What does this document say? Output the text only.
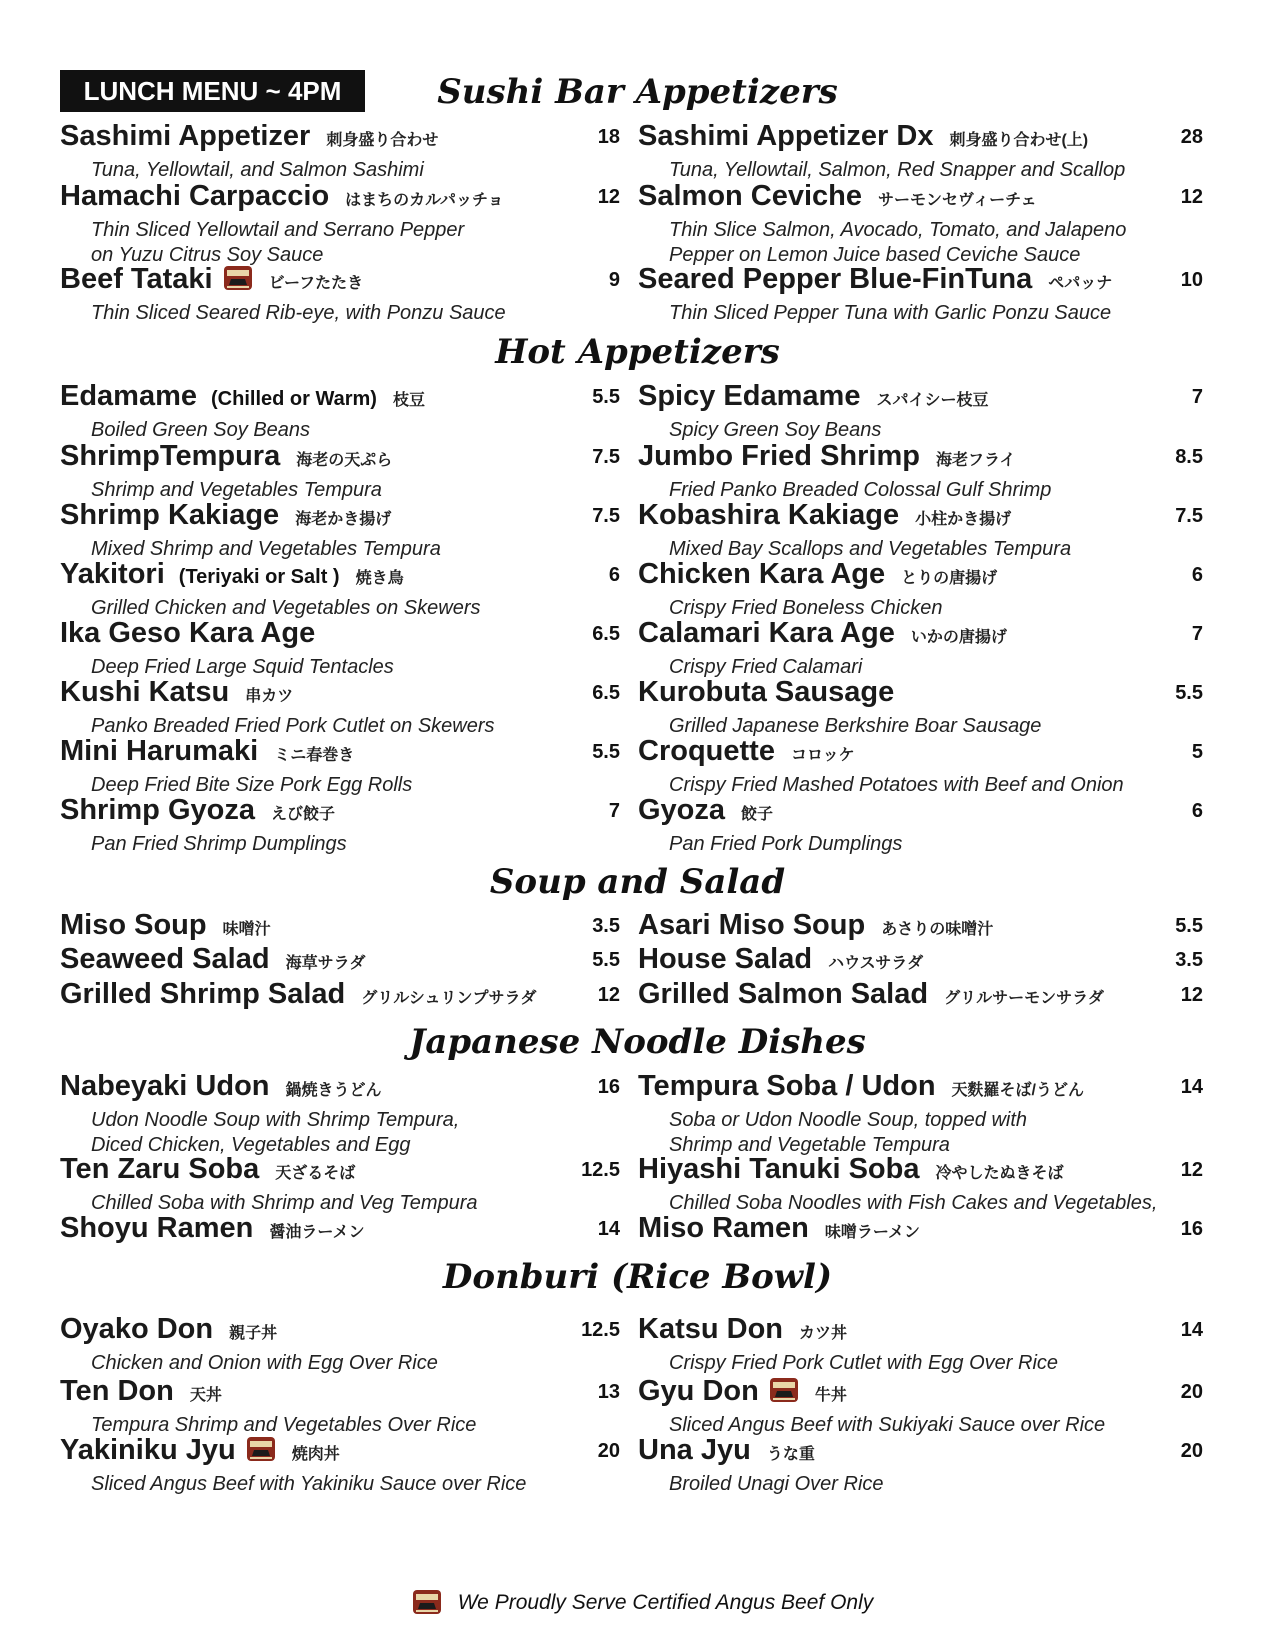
LUNCH MENU ~ 4PM	Sushi Bar Appetizers
Hot Appetizers
Soup and Salad
Japanese Noodle Dishes
Donburi (Rice Bowl)
Sashimi Appetizer 刺身盛り合わせ	18
Tuna, Yellowtail, and Salmon Sashimi
Hamachi Carpaccio はまちのカルパッチョ	12
Thin Sliced Yellowtail and Serrano Pepper
on Yuzu Citrus Soy Sauce
Beef Tataki	ビーフたたき	9
Thin Sliced Seared Rib-eye, with Ponzu Sauce
Sashimi Appetizer Dx 刺身盛り合わせ(上)	28
Tuna, Yellowtail, Salmon, Red Snapper and Scallop
Salmon Ceviche サーモンセヴィーチェ	12
Thin Slice Salmon, Avocado, Tomato, and Jalapeno
Pepper on Lemon Juice based Ceviche Sauce
Seared Pepper Blue-FinTuna ペパッナ	10
Thin Sliced Pepper Tuna with Garlic Ponzu Sauce
Edamame (Chilled or Warm) 枝豆	5.5
Boiled Green Soy Beans
ShrimpTempura 海老の天ぷら	7.5
Shrimp and Vegetables Tempura
Shrimp Kakiage 海老かき揚げ	7.5
Mixed Shrimp and Vegetables Tempura
Yakitori (Teriyaki or Salt ) 焼き鳥	6
Grilled Chicken and Vegetables on Skewers
Ika Geso Kara Age	6.5
Deep Fried Large Squid Tentacles
Kushi Katsu 串カツ	6.5
Panko Breaded Fried Pork Cutlet on Skewers
Mini Harumaki ミニ春巻き	5.5
Deep Fried Bite Size Pork Egg Rolls
Shrimp Gyoza えび餃子	7
Pan Fried Shrimp Dumplings
Spicy Edamame スパイシー枝豆	7
Spicy Green Soy Beans
Jumbo Fried Shrimp 海老フライ	8.5
Fried Panko Breaded Colossal Gulf Shrimp
Kobashira Kakiage 小柱かき揚げ	7.5
Mixed Bay Scallops and Vegetables Tempura
Chicken Kara Age とりの唐揚げ	6
Crispy Fried Boneless Chicken
Calamari Kara Age いかの唐揚げ	7
Crispy Fried Calamari
Kurobuta Sausage	5.5
Grilled Japanese Berkshire Boar Sausage
Croquette コロッケ	5
Crispy Fried Mashed Potatoes with Beef and Onion
Gyoza 餃子	6
Pan Fried Pork Dumplings
Miso Soup 味噌汁	3.5
Seaweed Salad 海草サラダ	5.5
Grilled Shrimp Salad グリルシュリンプサラダ	12
Asari Miso Soup あさりの味噌汁	5.5
House Salad ハウスサラダ	3.5
Grilled Salmon Salad グリルサーモンサラダ	12
Nabeyaki Udon 鍋焼きうどん	16
Udon Noodle Soup with Shrimp Tempura,
Diced Chicken, Vegetables and Egg
Ten Zaru Soba 天ざるそば	12.5
Chilled Soba with Shrimp and Veg Tempura
Shoyu Ramen 醤油ラーメン	14
Tempura Soba / Udon 天麩羅そば/うどん	14
Soba or Udon Noodle Soup, topped with
Shrimp and Vegetable Tempura
Hiyashi Tanuki Soba 冷やしたぬきそば	12
Chilled Soba Noodles with Fish Cakes and Vegetables,
Miso Ramen 味噌ラーメン	16
Oyako Don 親子丼	12.5
Chicken and Onion with Egg Over Rice
Ten Don 天丼	13
Tempura Shrimp and Vegetables Over Rice
Yakiniku Jyu	焼肉丼	20
Sliced Angus Beef with Yakiniku Sauce over Rice
Katsu Don カツ丼	14
Crispy Fried Pork Cutlet with Egg Over Rice
Gyu Don	牛丼	20
Sliced Angus Beef with Sukiyaki Sauce over Rice
Una Jyu うな重	20
Broiled Unagi Over Rice
We Proudly Serve Certified Angus Beef Only
